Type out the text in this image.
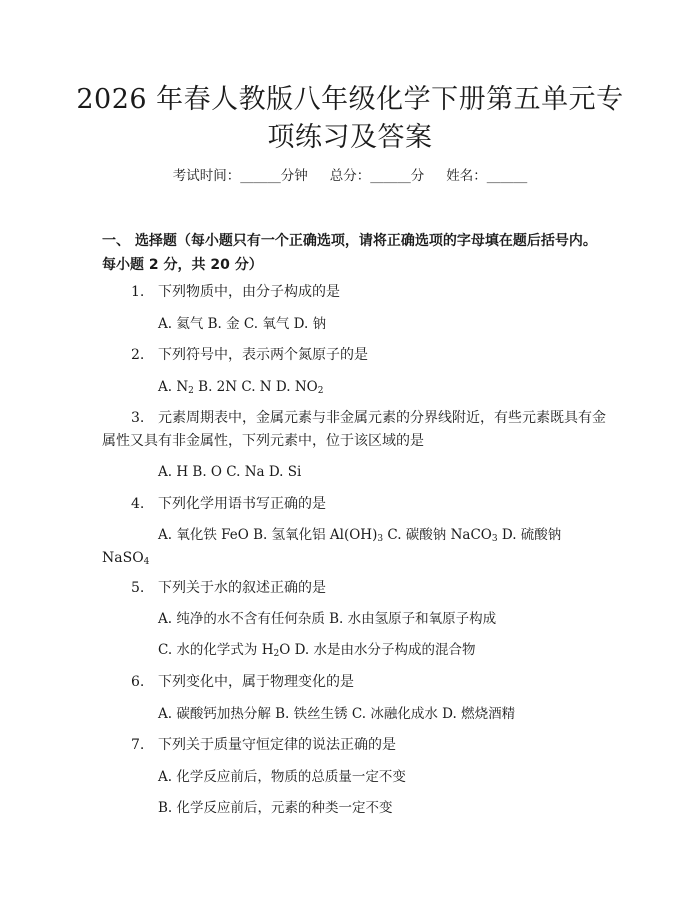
2026 年春人教版八年级化学下册第五单元专
项练习及答案
考试时间：______分钟 总分：______分 姓名：______
一、 选择题（每小题只有一个正确选项，请将正确选项的字母填在题后括号内。
每小题 2 分，共 20 分）
1. 下列物质中，由分子构成的是
A. 氦气 B. 金 C. 氧气 D. 钠
2. 下列符号中，表示两个氮原子的是
A. $N_2$ B. 2N C. N D. $NO_2$
3. 元素周期表中，金属元素与非金属元素的分界线附近，有些元素既具有金
属性又具有非金属性，下列元素中，位于该区域的是
A. H B. O C. Na D. Si
4. 下列化学用语书写正确的是
A. 氧化铁 FeO B. 氢氧化铝 $Al(OH)_3$ C. 碳酸钠 NaCO$_3$ D. 硫酸钠
NaSO$_4$
5. 下列关于水的叙述正确的是
A. 纯净的水不含有任何杂质 B. 水由氢原子和氧原子构成
C. 水的化学式为 $H_2O$ D. 水是由水分子构成的混合物
6. 下列变化中，属于物理变化的是
A. 碳酸钙加热分解 B. 铁丝生锈 C. 冰融化成水 D. 燃烧酒精
7. 下列关于质量守恒定律的说法正确的是
A. 化学反应前后，物质的总质量一定不变
B. 化学反应前后，元素的种类一定不变
